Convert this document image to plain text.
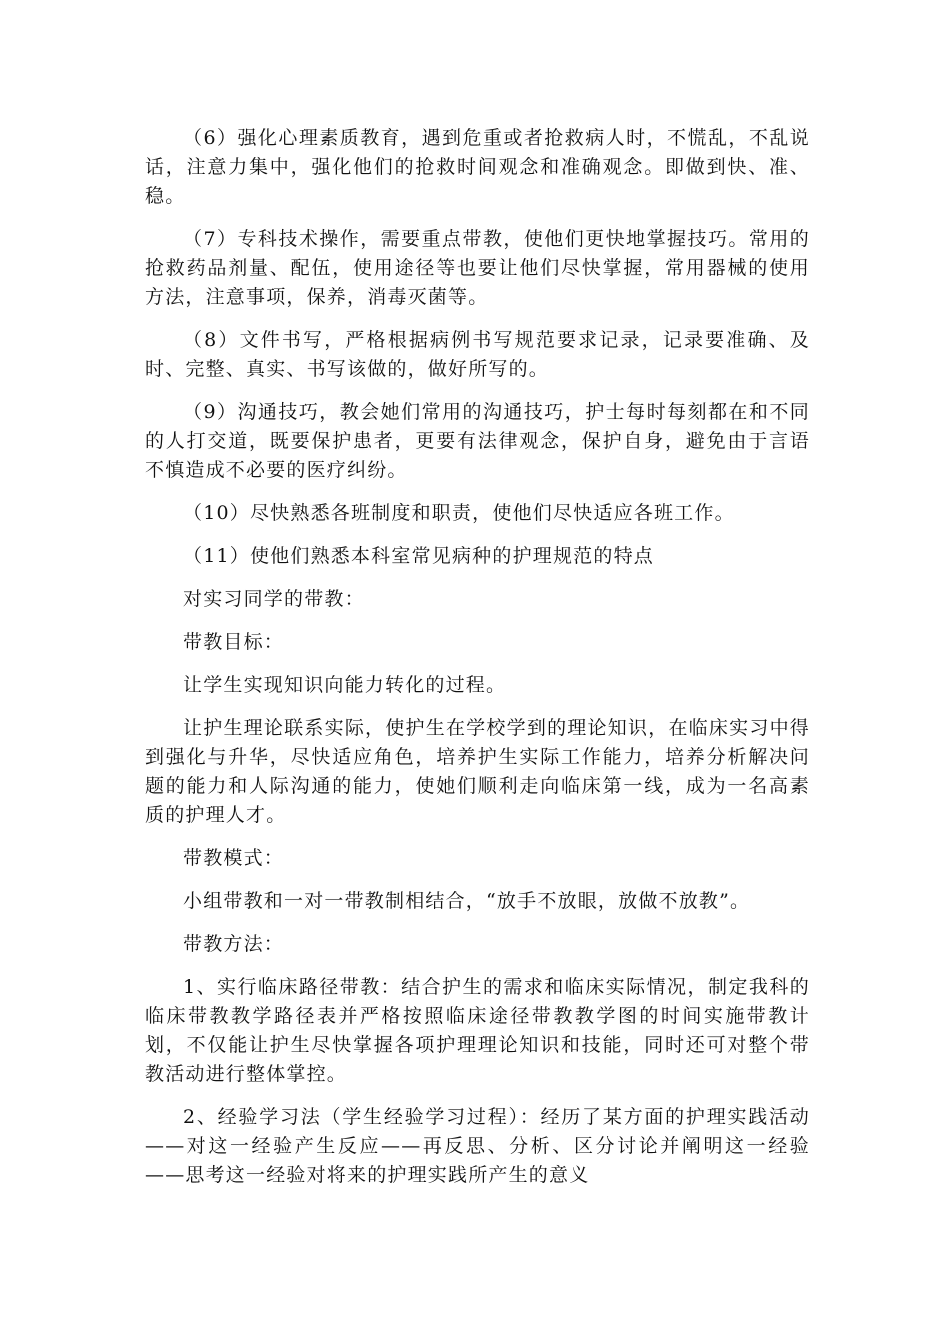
（6）强化心理素质教育，遇到危重或者抢救病人时，不慌乱，不乱说话，注意力集中，强化他们的抢救时间观念和准确观念。即做到快、准、稳。

（7）专科技术操作，需要重点带教，使他们更快地掌握技巧。常用的抢救药品剂量、配伍，使用途径等也要让他们尽快掌握，常用器械的使用方法，注意事项，保养，消毒灭菌等。

（8）文件书写，严格根据病例书写规范要求记录，记录要准确、及时、完整、真实、书写该做的，做好所写的。

（9）沟通技巧，教会她们常用的沟通技巧，护士每时每刻都在和不同的人打交道，既要保护患者，更要有法律观念，保护自身，避免由于言语不慎造成不必要的医疗纠纷。

（10）尽快熟悉各班制度和职责，使他们尽快适应各班工作。

（11）使他们熟悉本科室常见病种的护理规范的特点

对实习同学的带教：

带教目标：

让学生实现知识向能力转化的过程。

让护生理论联系实际，使护生在学校学到的理论知识，在临床实习中得到强化与升华，尽快适应角色，培养护生实际工作能力，培养分析解决问题的能力和人际沟通的能力，使她们顺利走向临床第一线，成为一名高素质的护理人才。

带教模式：

小组带教和一对一带教制相结合，“放手不放眼，放做不放教”。

带教方法：

1、实行临床路径带教：结合护生的需求和临床实际情况，制定我科的临床带教教学路径表并严格按照临床途径带教教学图的时间实施带教计划，不仅能让护生尽快掌握各项护理理论知识和技能，同时还可对整个带教活动进行整体掌控。

2、经验学习法（学生经验学习过程）：经历了某方面的护理实践活动——对这一经验产生反应——再反思、分析、区分讨论并阐明这一经验——思考这一经验对将来的护理实践所产生的意义
